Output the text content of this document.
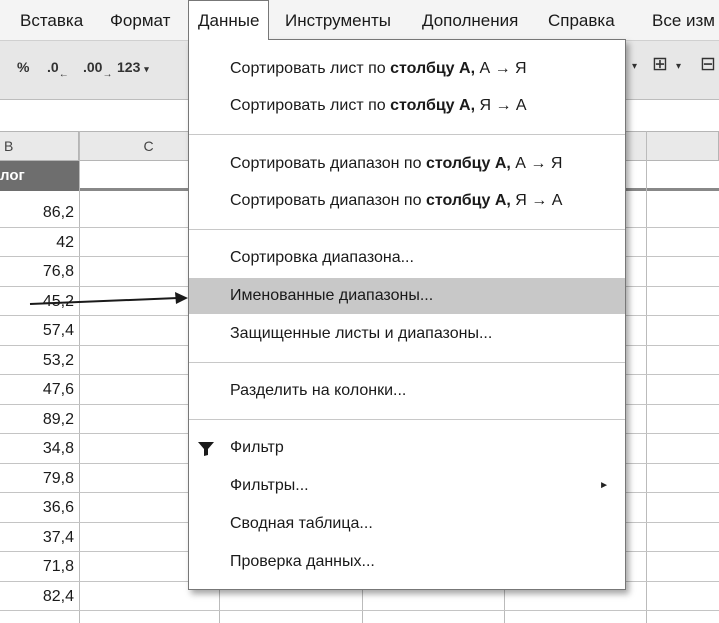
Вставка Формат	Данные	Инструменты Дополнения Справка Все изм
% $.0_\leftarrow$ $.00_\to$ 123 ▾	▾ ⊞ ▾ ⊟
B	C
лог
86,2
42
76,8
45,2
57,4
53,2
47,6
89,2
34,8
79,8
36,6
37,4
71,8
82,4
Сортировать лист по столбцу А, А → Я
Сортировать лист по столбцу А, Я → А
Сортировать диапазон по столбцу А, А → Я
Сортировать диапазон по столбцу А, Я → А
Сортировка диапазона...
Именованные диапазоны...
Защищенные листы и диапазоны...
Разделить на колонки...
Фильтр
Фильтры...	►
Сводная таблица...
Проверка данных...
